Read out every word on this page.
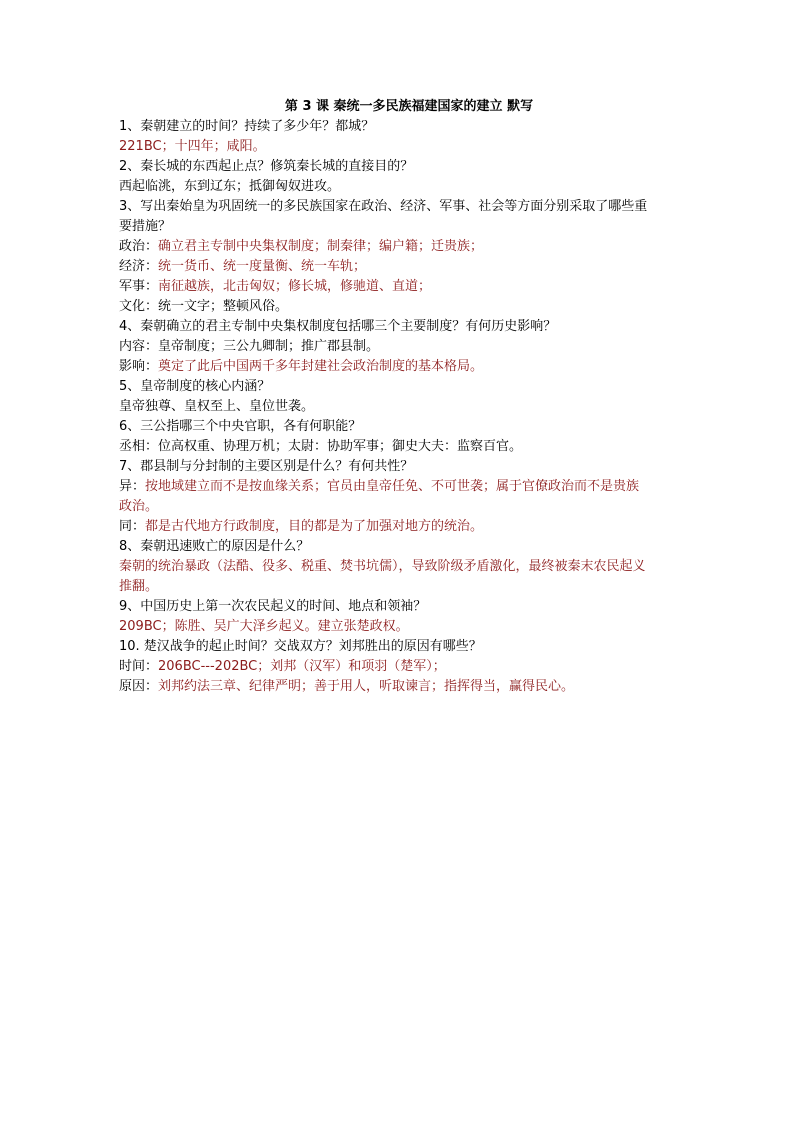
第 3 课 秦统一多民族福建国家的建立 默写

1、秦朝建立的时间？持续了多少年？都城？

221BC；十四年；咸阳。

2、秦长城的东西起止点？修筑秦长城的直接目的？

西起临洮，东到辽东；抵御匈奴进攻。

3、写出秦始皇为巩固统一的多民族国家在政治、经济、军事、社会等方面分别采取了哪些重要措施？

政治：确立君主专制中央集权制度；制秦律；编户籍；迁贵族；

经济：统一货币、统一度量衡、统一车轨；

军事：南征越族，北击匈奴；修长城，修驰道、直道；

文化：统一文字；整顿风俗。

4、秦朝确立的君主专制中央集权制度包括哪三个主要制度？有何历史影响？

内容：皇帝制度；三公九卿制；推广郡县制。

影响：奠定了此后中国两千多年封建社会政治制度的基本格局。

5、皇帝制度的核心内涵？

皇帝独尊、皇权至上、皇位世袭。

6、三公指哪三个中央官职，各有何职能？

丞相：位高权重、协理万机；太尉：协助军事；御史大夫：监察百官。

7、郡县制与分封制的主要区别是什么？有何共性？

异：按地域建立而不是按血缘关系；官员由皇帝任免、不可世袭；属于官僚政治而不是贵族政治。

同：都是古代地方行政制度，目的都是为了加强对地方的统治。

8、秦朝迅速败亡的原因是什么？

秦朝的统治暴政（法酷、役多、税重、焚书坑儒），导致阶级矛盾激化，最终被秦末农民起义推翻。

9、中国历史上第一次农民起义的时间、地点和领袖？

209BC；陈胜、吴广大泽乡起义。建立张楚政权。

10. 楚汉战争的起止时间？交战双方？刘邦胜出的原因有哪些？

时间：206BC---202BC；刘邦（汉军）和项羽（楚军）；

原因：刘邦约法三章、纪律严明；善于用人，听取谏言；指挥得当，赢得民心。
